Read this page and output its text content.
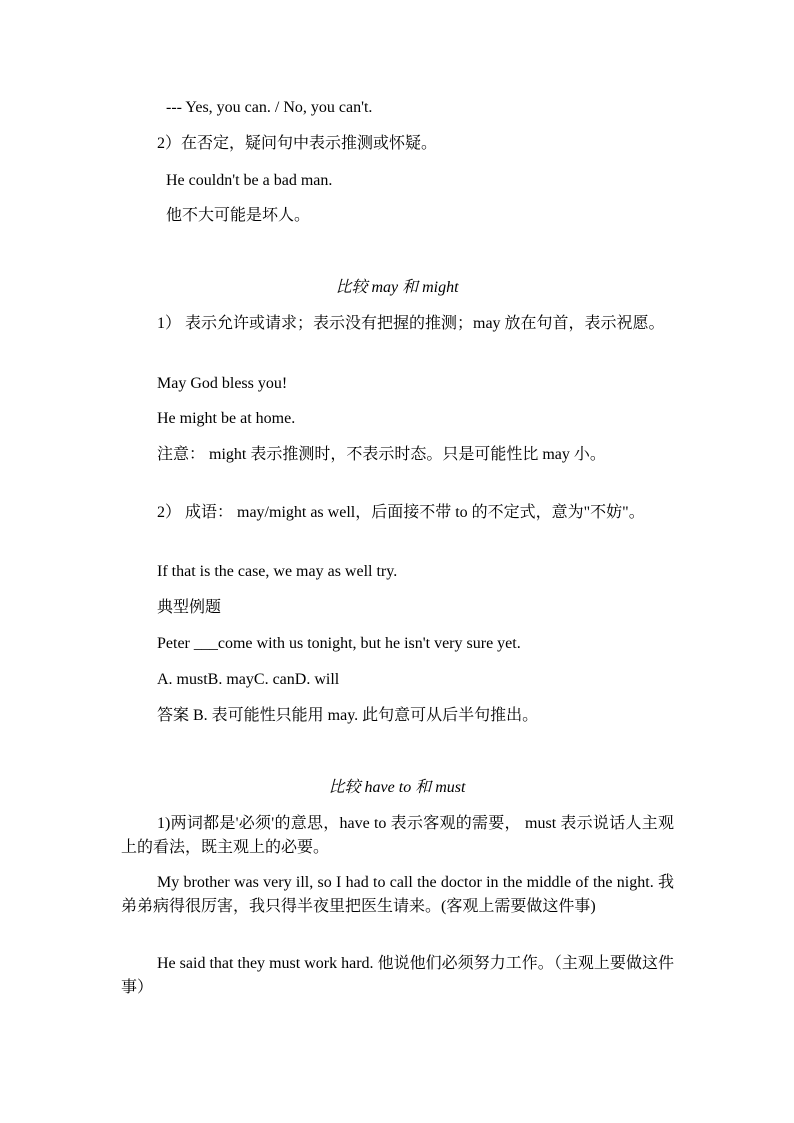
--- Yes, you can. / No, you can't.
2）在否定，疑问句中表示推测或怀疑。
He couldn't be a bad man.
他不大可能是坏人。
比较 may 和 might
1） 表示允许或请求；表示没有把握的推测；may 放在句首，表示祝愿。
May God bless you!
He might be at home.
注意： might 表示推测时，不表示时态。只是可能性比 may 小。
2） 成语： may/might as well，后面接不带 to 的不定式，意为"不妨"。
If that is the case, we may as well try.
典型例题
Peter ___come with us tonight, but he isn't very sure yet.
A. mustB. mayC. canD. will
答案 B. 表可能性只能用 may. 此句意可从后半句推出。
比较 have to 和 must
1)两词都是'必须'的意思，have to 表示客观的需要， must 表示说话人主观上的看法，既主观上的必要。
My brother was very ill, so I had to call the doctor in the middle of the night. 我弟弟病得很厉害，我只得半夜里把医生请来。(客观上需要做这件事)
He said that they must work hard. 他说他们必须努力工作。（主观上要做这件事）
